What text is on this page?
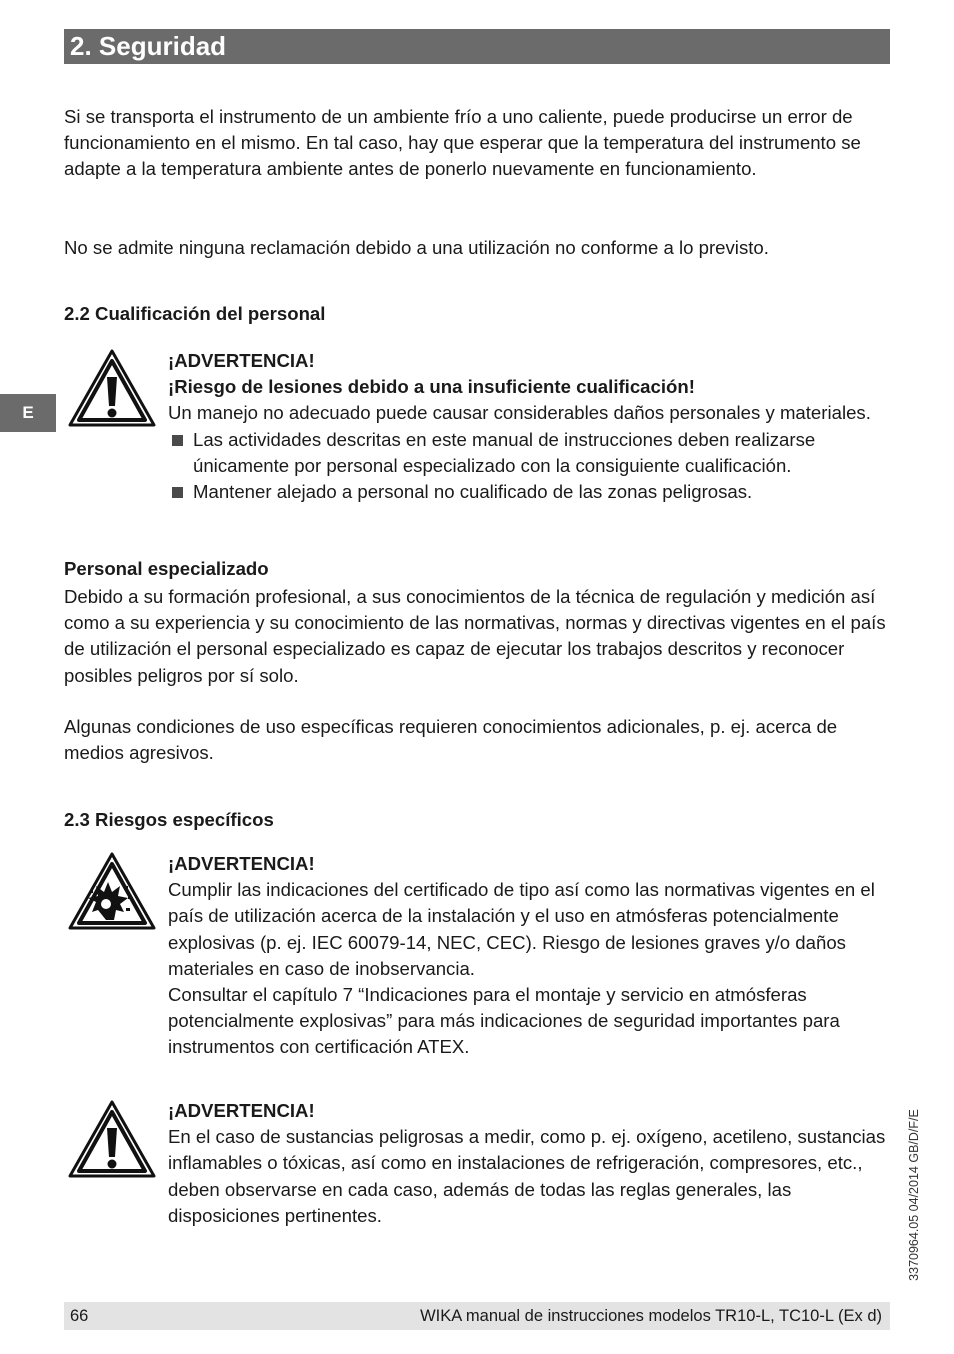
2. Seguridad
E

Si se transporta el instrumento de un ambiente frío a uno caliente, puede producirse un error de funcionamiento en el mismo. En tal caso, hay que esperar que la temperatura del instrumento se adapte a la temperatura ambiente antes de ponerlo nuevamente en funcionamiento.

No se admite ninguna reclamación debido a una utilización no conforme a lo previsto.

2.2 Cualificación del personal
¡ADVERTENCIA!
¡Riesgo de lesiones debido a una insuficiente cualificación!
Un manejo no adecuado puede causar considerables daños personales y materiales.
Las actividades descritas en este manual de instrucciones deben realizarse únicamente por personal especializado con la consiguiente cualificación.
Mantener alejado a personal no cualificado de las zonas peligrosas.
Personal especializado

Debido a su formación profesional, a sus conocimientos de la técnica de regulación y medición así como a su experiencia y su conocimiento de las normativas, normas y directivas vigentes en el país de utilización el personal especializado es capaz de ejecutar los trabajos descritos y reconocer posibles peligros por sí solo.

Algunas condiciones de uso específicas requieren conocimientos adicionales, p. ej. acerca de medios agresivos.

2.3 Riesgos específicos
¡ADVERTENCIA!
Cumplir las indicaciones del certificado de tipo así como las normativas vigentes en el país de utilización acerca de la instalación y el uso en atmósferas potencialmente explosivas (p. ej. IEC 60079-14, NEC, CEC). Riesgo de lesiones graves y/o daños materiales en caso de inobservancia.
Consultar el capítulo 7 “Indicaciones para el montaje y servicio en atmósferas potencialmente explosivas” para más indicaciones de seguridad importantes para instrumentos con certificación ATEX.
¡ADVERTENCIA!
En el caso de sustancias peligrosas a medir, como p. ej. oxígeno, acetileno, sustancias inflamables o tóxicas, así como en instalaciones de refrigeración, compresores, etc., deben observarse en cada caso, además de todas las reglas generales, las disposiciones pertinentes.	3370964.05 04/2014 GB/D/F/E
66	WIKA manual de instrucciones modelos TR10-L, TC10-L (Ex d)
